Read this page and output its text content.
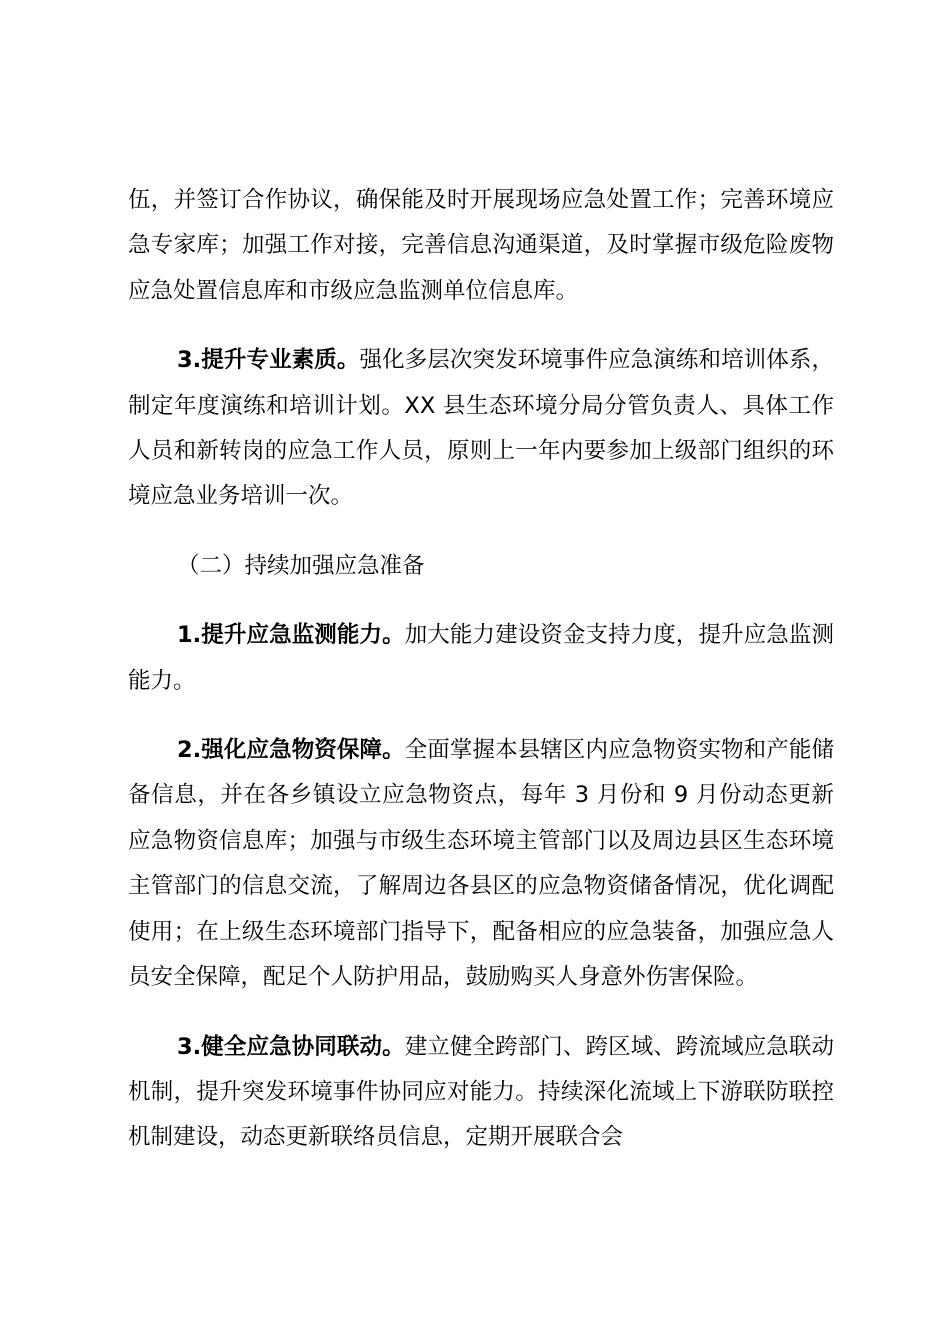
伍，并签订合作协议，确保能及时开展现场应急处置工作；完善环境应急专家库；加强工作对接，完善信息沟通渠道，及时掌握市级危险废物应急处置信息库和市级应急监测单位信息库。

3.提升专业素质。强化多层次突发环境事件应急演练和培训体系，制定年度演练和培训计划。XX 县生态环境分局分管负责人、具体工作人员和新转岗的应急工作人员，原则上一年内要参加上级部门组织的环境应急业务培训一次。

（二）持续加强应急准备

1.提升应急监测能力。加大能力建设资金支持力度，提升应急监测能力。

2.强化应急物资保障。全面掌握本县辖区内应急物资实物和产能储备信息，并在各乡镇设立应急物资点，每年 3 月份和 9 月份动态更新应急物资信息库；加强与市级生态环境主管部门以及周边县区生态环境主管部门的信息交流，了解周边各县区的应急物资储备情况，优化调配使用；在上级生态环境部门指导下，配备相应的应急装备，加强应急人员安全保障，配足个人防护用品，鼓励购买人身意外伤害保险。

3.健全应急协同联动。建立健全跨部门、跨区域、跨流域应急联动机制，提升突发环境事件协同应对能力。持续深化流域上下游联防联控机制建设，动态更新联络员信息，定期开展联合会
